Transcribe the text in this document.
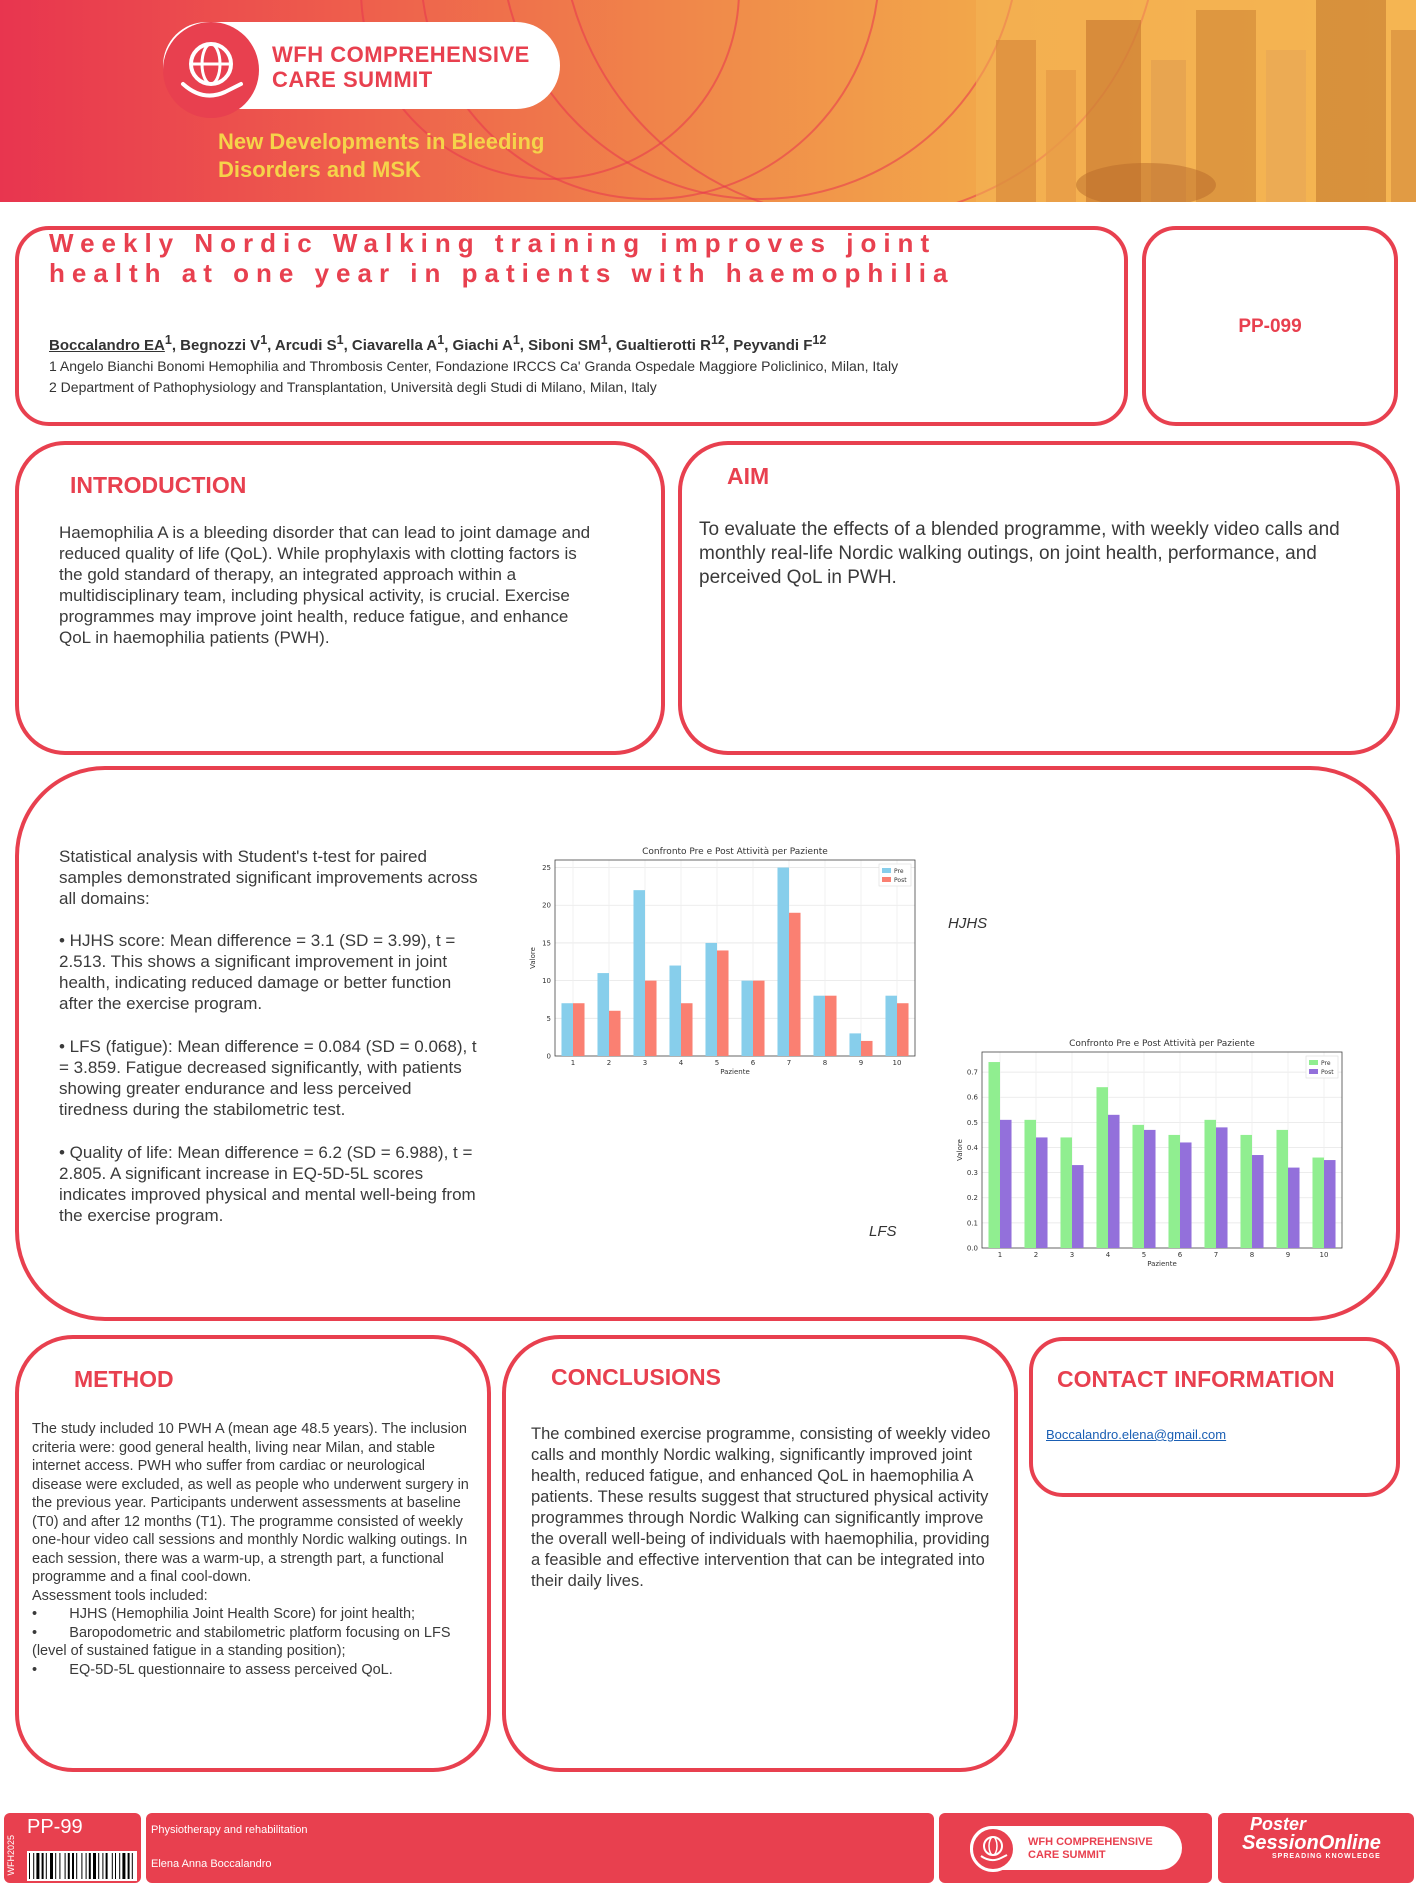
WFH COMPREHENSIVE
CARE SUMMIT
New Developments in Bleeding
Disorders and MSK
Weekly Nordic Walking training improves joint health at one year in patients with haemophilia
Boccalandro $EA^1$, Begnozzi $V^1$, Arcudi $S^1$, Ciavarella $A^1$, Giachi $A^1$, Siboni $SM^1$, Gualtierotti $R^{12}$, Peyvandi $F^{12}$
1 Angelo Bianchi Bonomi Hemophilia and Thrombosis Center, Fondazione IRCCS Ca' Granda Ospedale Maggiore Policlinico, Milan, Italy
2 Department of Pathophysiology and Transplantation, Università degli Studi di Milano, Milan, Italy
PP-099
INTRODUCTION
Haemophilia A is a bleeding disorder that can lead to joint damage and reduced quality of life (QoL). While prophylaxis with clotting factors is the gold standard of therapy, an integrated approach within a multidisciplinary team, including physical activity, is crucial. Exercise programmes may improve joint health, reduce fatigue, and enhance QoL in haemophilia patients (PWH).
AIM
To evaluate the effects of a blended programme, with weekly video calls and monthly real-life Nordic walking outings, on joint health, performance, and perceived QoL in PWH.
Statistical analysis with Student's t-test for paired samples demonstrated significant improvements across all domains:
• HJHS score: Mean difference = 3.1 (SD = 3.99), t = 2.513. This shows a significant improvement in joint health, indicating reduced damage or better function after the exercise program.
• LFS (fatigue): Mean difference = 0.084 (SD = 0.068), t = 3.859. Fatigue decreased significantly, with patients showing greater endurance and less perceived tiredness during the stabilometric test.
• Quality of life: Mean difference = 6.2 (SD = 6.988), t = 2.805. A significant increase in EQ-5D-5L scores indicates improved physical and mental well-being from the exercise program.
0
5
10
15
20
25
1	2	3	4	5	6	7	8	9	10
Confronto Pre e Post Attività per Paziente
Paziente
Valore
Pre
Post
HJHS
0.0
0.1
0.2
0.3
0.4
0.5
0.6
0.7
1	2	3	4	5	6	7	8	9	10
Confronto Pre e Post Attività per Paziente
Paziente
Valore
Pre
Post
LFS
METHOD
The study included 10 PWH A (mean age 48.5 years). The inclusion criteria were: good general health, living near Milan, and stable internet access. PWH who suffer from cardiac or neurological disease were excluded, as well as people who underwent surgery in the previous year. Participants underwent assessments at baseline (T0) and after 12 months (T1). The programme consisted of weekly one-hour video call sessions and monthly Nordic walking outings. In each session, there was a warm-up, a strength part, a functional programme and a final cool-down.
Assessment tools included:
•        HJHS (Hemophilia Joint Health Score) for joint health;
•        Baropodometric and stabilometric platform focusing on LFS (level of sustained fatigue in a standing position);
•        EQ-5D-5L questionnaire to assess perceived QoL.
CONCLUSIONS
The combined exercise programme, consisting of weekly video calls and monthly Nordic walking, significantly improved joint health, reduced fatigue, and enhanced QoL in haemophilia A patients. These results suggest that structured physical activity programmes through Nordic Walking can significantly improve the overall well-being of individuals with haemophilia, providing a feasible and effective intervention that can be integrated into their daily lives.
CONTACT INFORMATION
Boccalandro.elena@gmail.com
WFH2025
PP-99	Physiotherapy and rehabilitation
Elena Anna Boccalandro
WFH COMPREHENSIVE
CARE SUMMIT
Poster
SessionOnline
SPREADING KNOWLEDGE
